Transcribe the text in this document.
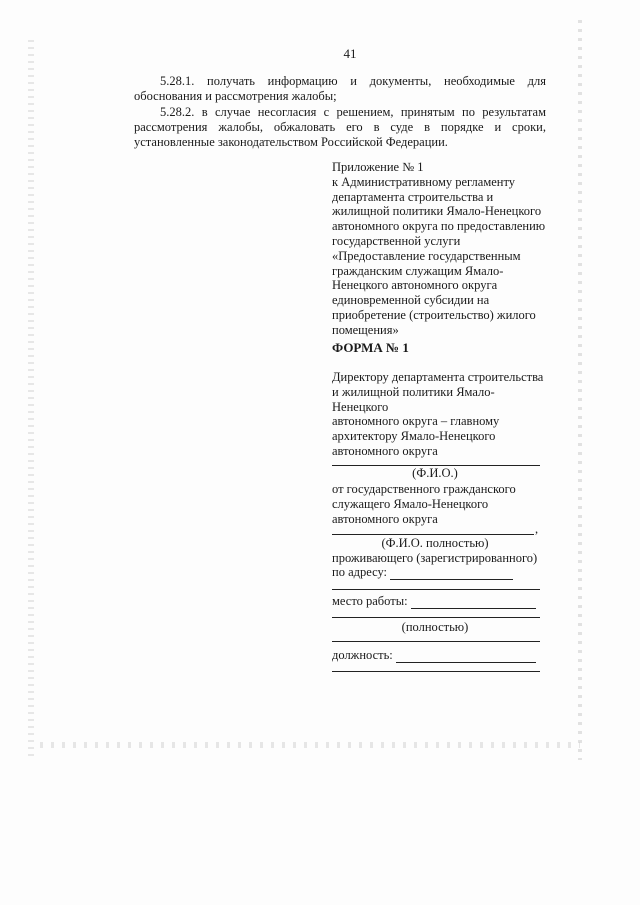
41

5.28.1. получать информацию и документы, необходимые для обоснования и рассмотрения жалобы;

5.28.2. в случае несогласия с решением, принятым по результатам рассмотрения жалобы, обжаловать его в суде в порядке и сроки, установленные законодательством Российской Федерации.

Приложение № 1
к Административному регламенту
департамента строительства и
жилищной политики Ямало-Ненецкого
автономного округа по предоставлению
государственной услуги
«Предоставление государственным
гражданским служащим Ямало-
Ненецкого автономного округа
единовременной субсидии на
приобретение (строительство) жилого
помещения»
ФОРМА № 1
Директору департамента строительства
и жилищной политики Ямало-
Ненецкого
автономного округа – главному
архитектору Ямало-Ненецкого
автономного округа
(Ф.И.О.)
от государственного гражданского
служащего Ямало-Ненецкого
автономного округа
,
(Ф.И.О. полностью)
проживающего (зарегистрированного)
по адресу:
место работы:
(полностью)
должность:
